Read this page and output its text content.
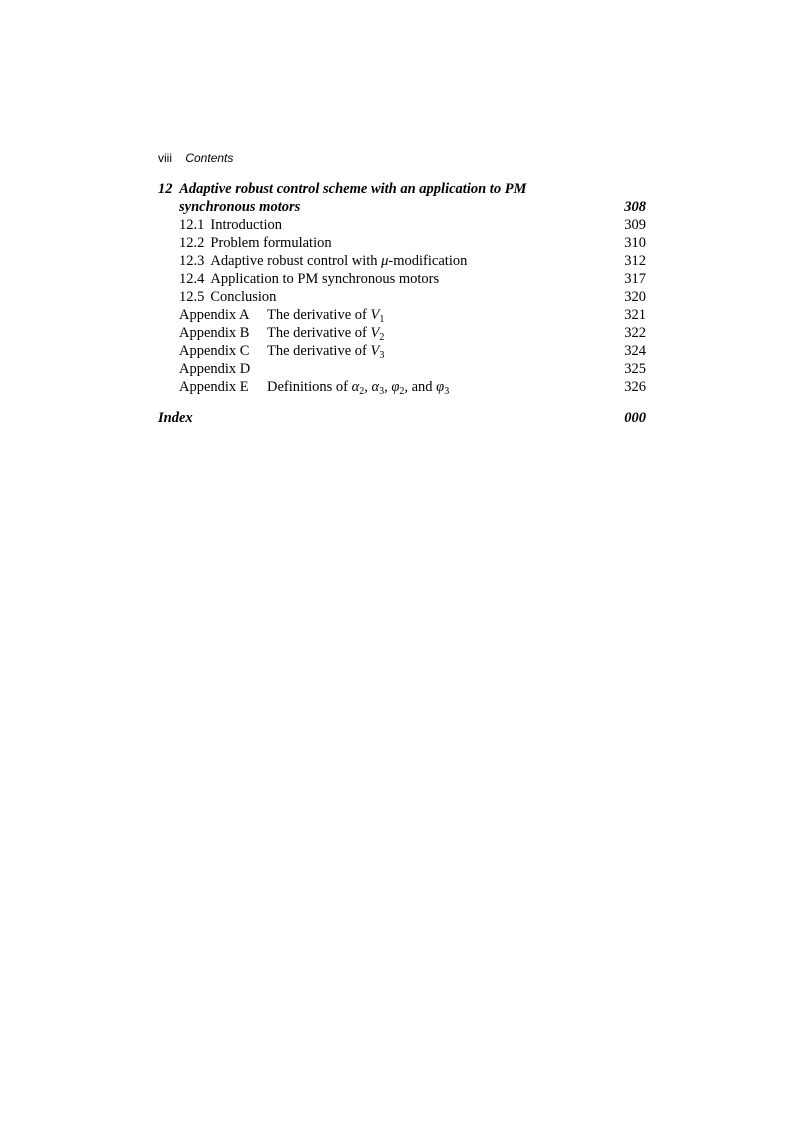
viii Contents
12 Adaptive robust control scheme with an application to PM
synchronous motors	308
12.1 Introduction	309
12.2 Problem formulation	310
12.3 Adaptive robust control with μ-modification	312
12.4 Application to PM synchronous motors	317
12.5 Conclusion	320
Appendix A The derivative of $V_1$	321
Appendix B The derivative of $V_2$	322
Appendix C The derivative of $V_3$	324
Appendix D	325
Appendix E Definitions of $\alpha_2$, $\alpha_3$, $\varphi_2$, and $\varphi_3$	326
Index	000
